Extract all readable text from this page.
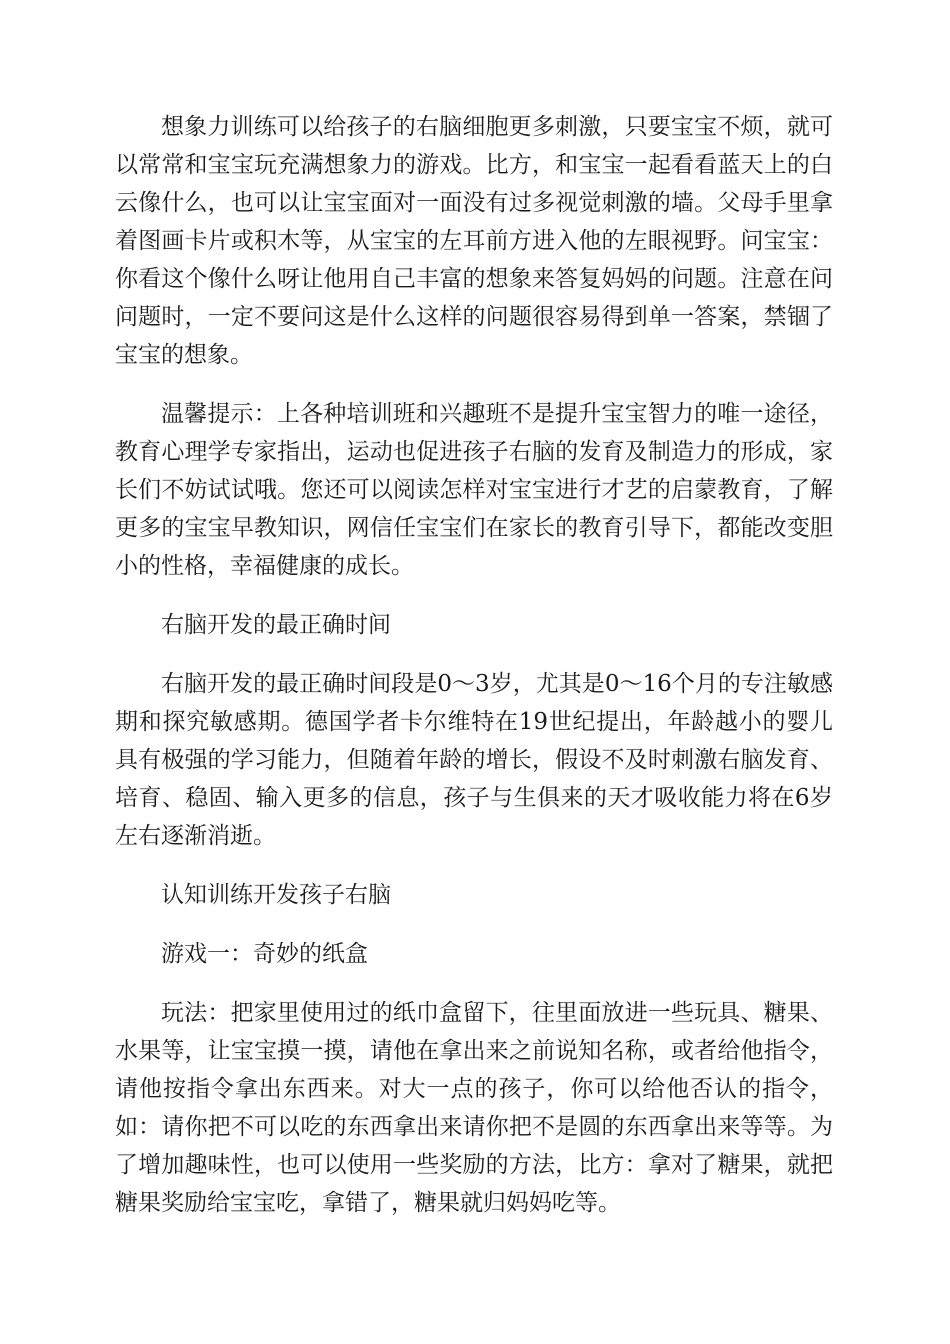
想象力训练可以给孩子的右脑细胞更多刺激，只要宝宝不烦，就可以常常和宝宝玩充满想象力的游戏。比方，和宝宝一起看看蓝天上的白云像什么，也可以让宝宝面对一面没有过多视觉刺激的墙。父母手里拿着图画卡片或积木等，从宝宝的左耳前方进入他的左眼视野。问宝宝：你看这个像什么呀让他用自己丰富的想象来答复妈妈的问题。注意在问问题时，一定不要问这是什么这样的问题很容易得到单一答案，禁锢了宝宝的想象。

温馨提示：上各种培训班和兴趣班不是提升宝宝智力的唯一途径，教育心理学专家指出，运动也促进孩子右脑的发育及制造力的形成，家长们不妨试试哦。您还可以阅读怎样对宝宝进行才艺的启蒙教育，了解更多的宝宝早教知识，网信任宝宝们在家长的教育引导下，都能改变胆小的性格，幸福健康的成长。

右脑开发的最正确时间

右脑开发的最正确时间段是0～3岁，尤其是0～16个月的专注敏感期和探究敏感期。德国学者卡尔维特在19世纪提出，年龄越小的婴儿具有极强的学习能力，但随着年龄的增长，假设不及时刺激右脑发育、培育、稳固、输入更多的信息，孩子与生俱来的天才吸收能力将在6岁左右逐渐消逝。

认知训练开发孩子右脑

游戏一：奇妙的纸盒

玩法：把家里使用过的纸巾盒留下，往里面放进一些玩具、糖果、水果等，让宝宝摸一摸，请他在拿出来之前说知名称，或者给他指令，请他按指令拿出东西来。对大一点的孩子，你可以给他否认的指令，如：请你把不可以吃的东西拿出来请你把不是圆的东西拿出来等等。为了增加趣味性，也可以使用一些奖励的方法，比方：拿对了糖果，就把糖果奖励给宝宝吃，拿错了，糖果就归妈妈吃等。
